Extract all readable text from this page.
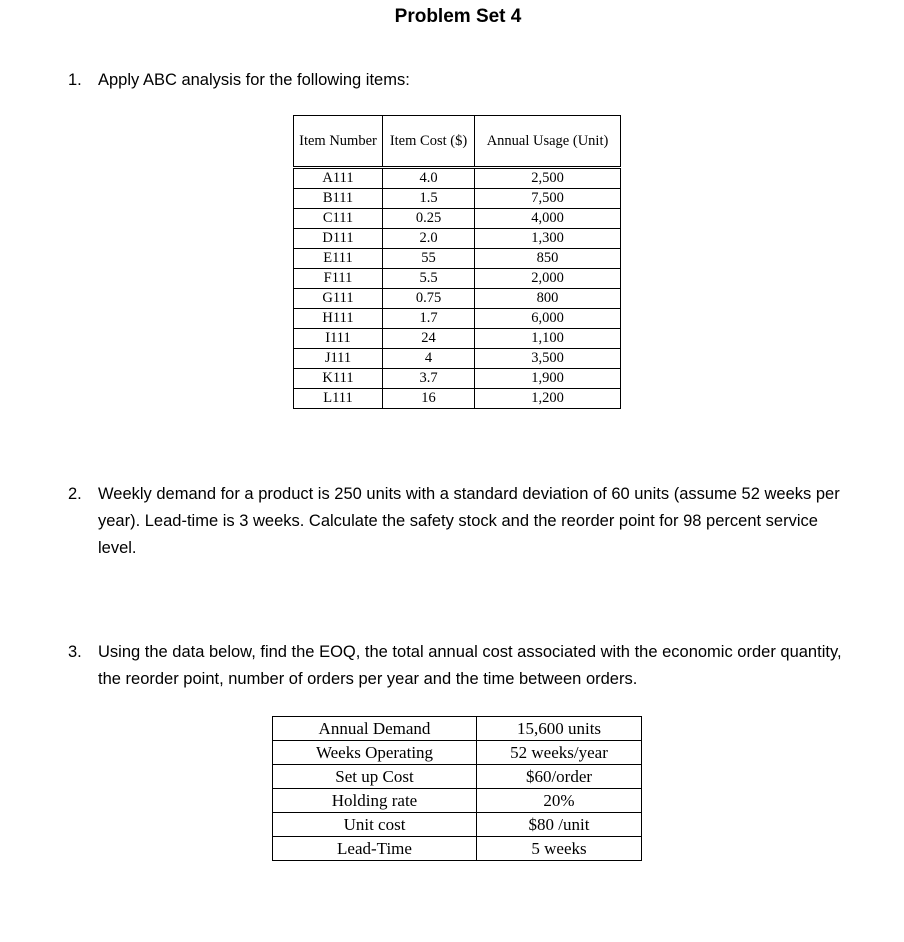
Problem Set 4
1. Apply ABC analysis for the following items:
Item Number	Item Cost ($)	Annual Usage (Unit)
A111	4.0	2,500
B111	1.5	7,500
C111	0.25	4,000
D111	2.0	1,300
E111	55	850
F111	5.5	2,000
G111	0.75	800
H111	1.7	6,000
I111	24	1,100
J111	4	3,500
K111	3.7	1,900
L111	16	1,200
2. Weekly demand for a product is 250 units with a standard deviation of 60 units (assume 52 weeks per year). Lead-time is 3 weeks. Calculate the safety stock and the reorder point for 98 percent service level.
3. Using the data below, find the EOQ, the total annual cost associated with the economic order quantity, the reorder point, number of orders per year and the time between orders.
Annual Demand	15,600 units
Weeks Operating	52 weeks/year
Set up Cost	$60/order
Holding rate	20%
Unit cost	$80 /unit
Lead-Time	5 weeks
